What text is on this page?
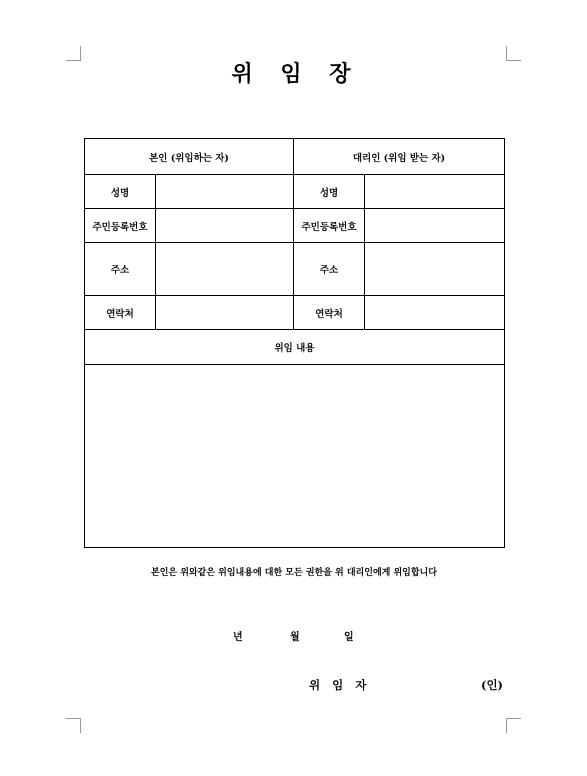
위 임 장
본인 (위임하는 자)		대리인 (위임 받는 자)	
성명		성명	
주민등록번호		주민등록번호	
주소		주소	
연락처		연락처	
위임 내용			

본인은 위와같은 위임내용에 대한 모든 권한을 위 대리인에게 위임합니다
년	월	일
위 임 자	(인)
